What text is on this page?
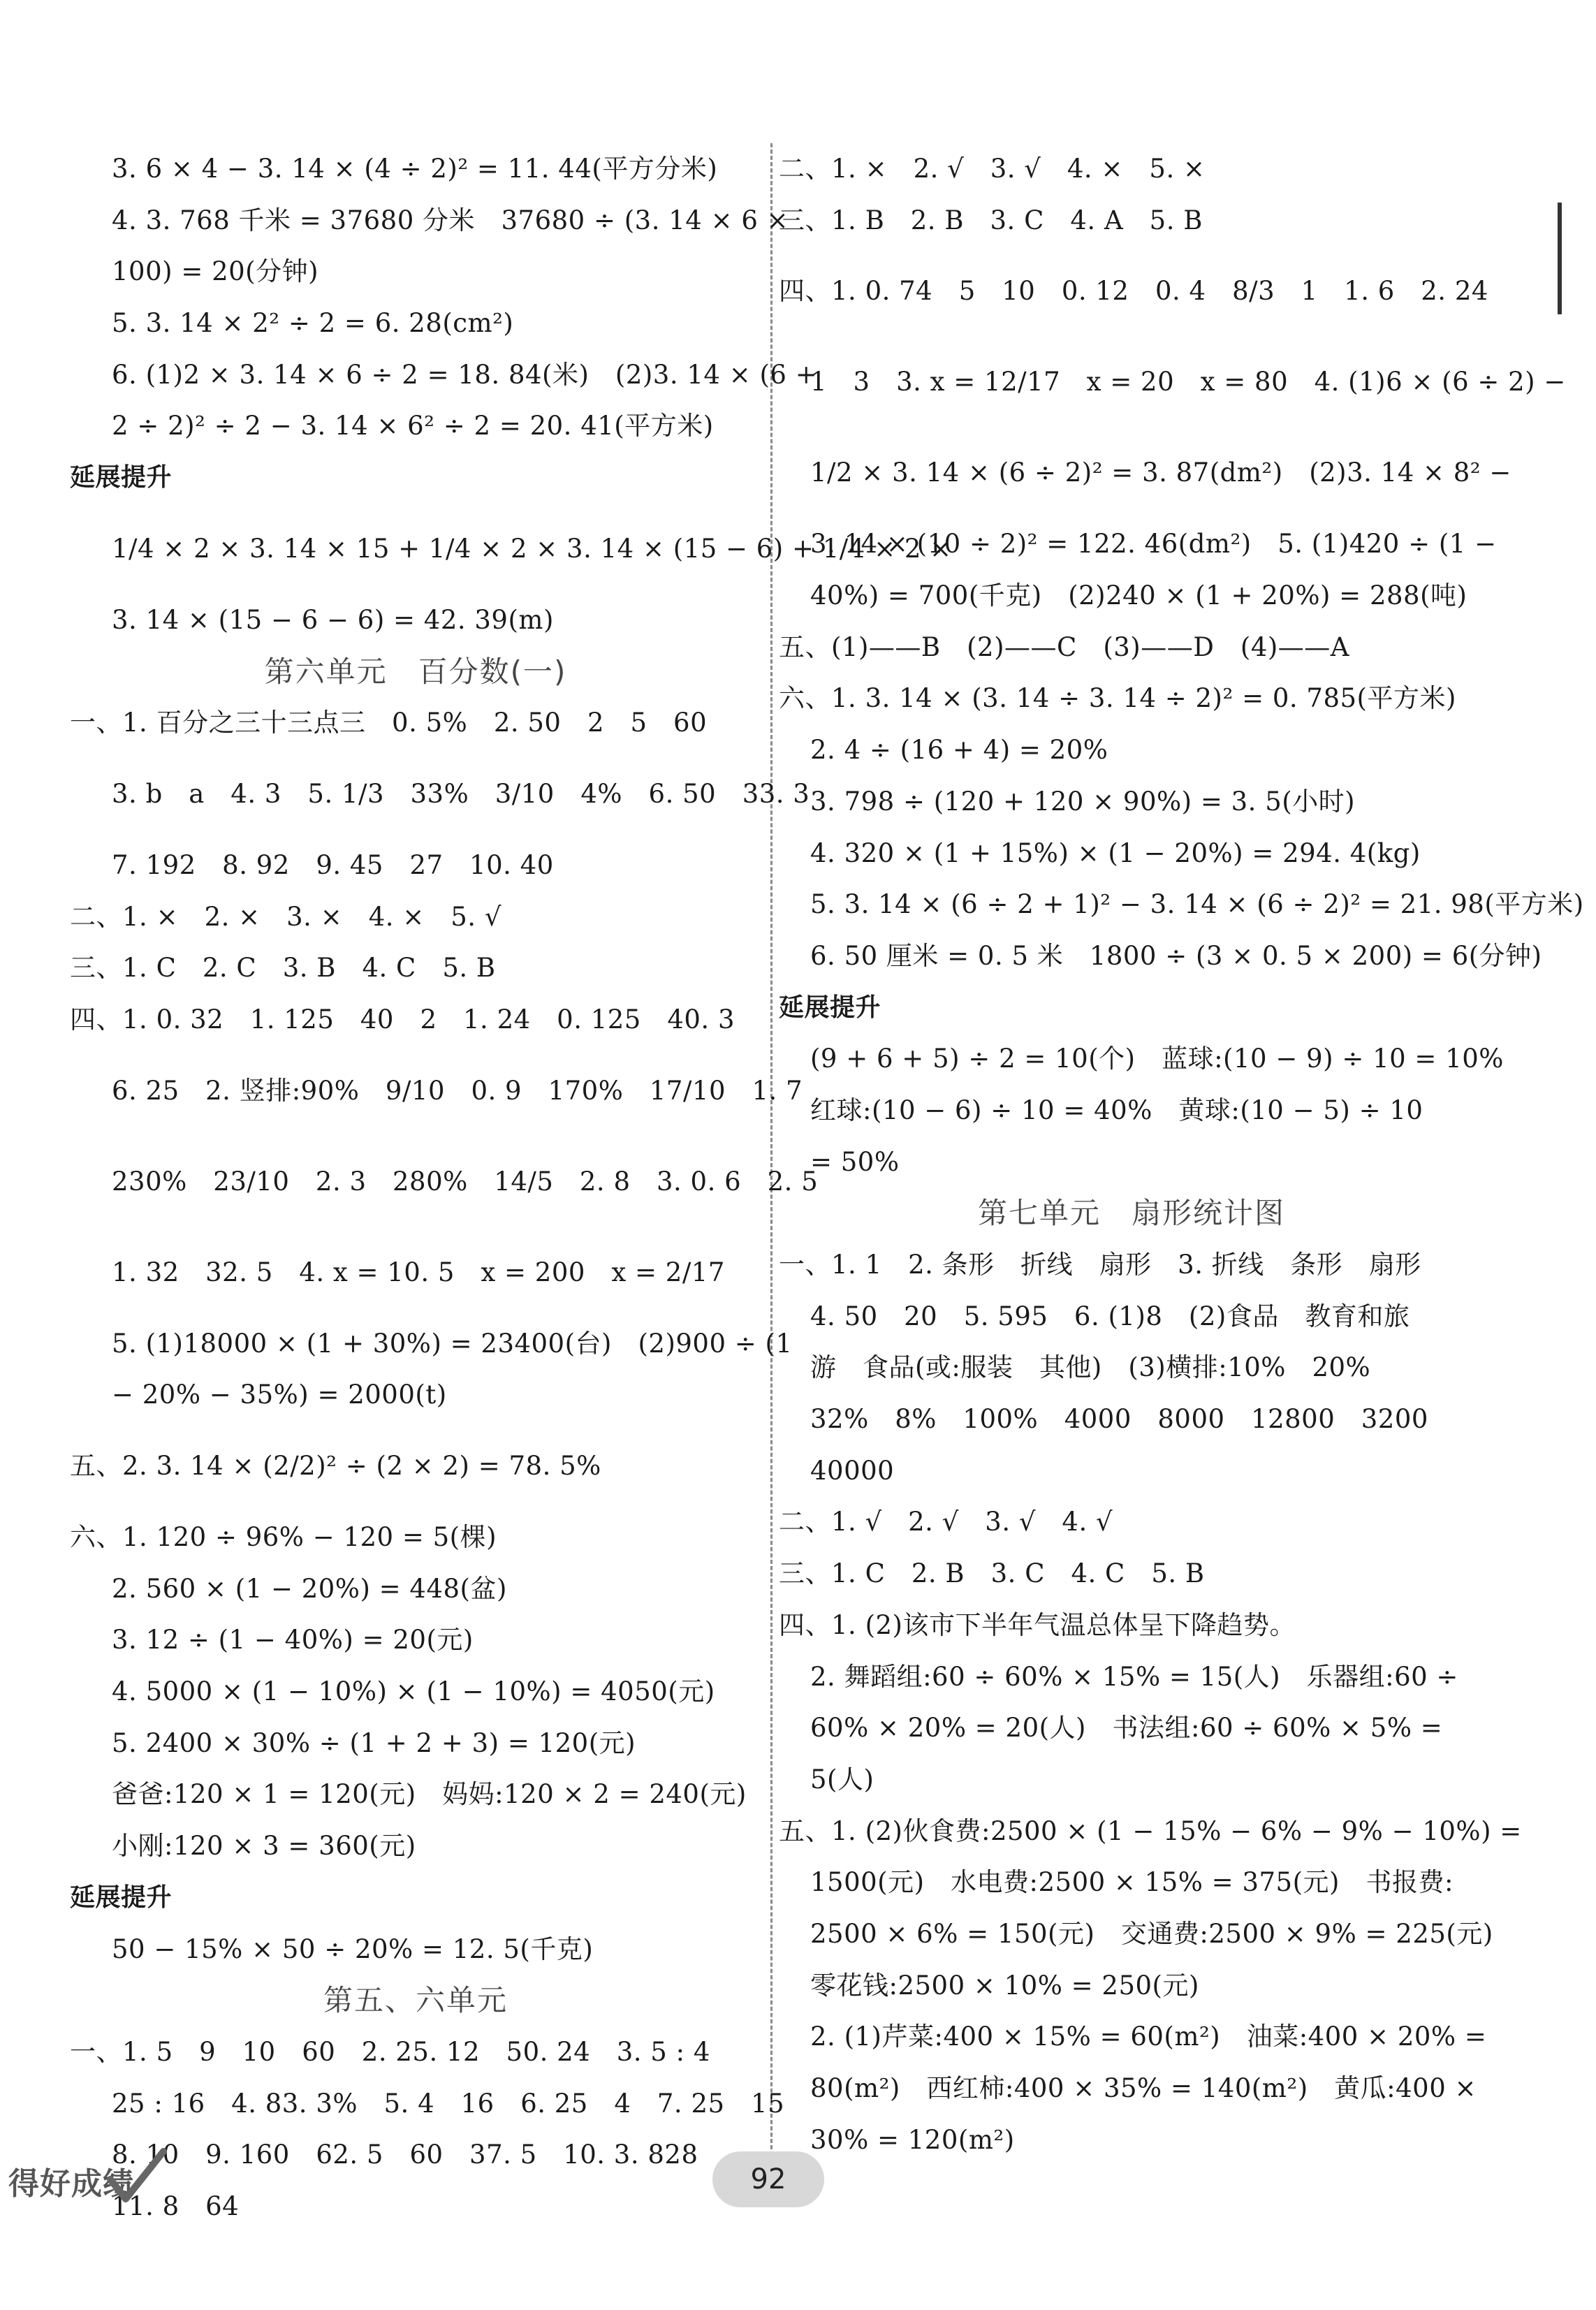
3. 6 × 4 − 3. 14 × (4 ÷ 2)² = 11. 44(平方分米)
4. 3. 768 千米 = 37680 分米　37680 ÷ (3. 14 × 6 ×
100) = 20(分钟)
5. 3. 14 × 2² ÷ 2 = 6. 28(cm²)
6. (1)2 × 3. 14 × 6 ÷ 2 = 18. 84(米)　(2)3. 14 × (6 +
2 ÷ 2)² ÷ 2 − 3. 14 × 6² ÷ 2 = 20. 41(平方米)
延展提升
1/4 × 2 × 3. 14 × 15 + 1/4 × 2 × 3. 14 × (15 − 6) + 1/4 × 2 ×
3. 14 × (15 − 6 − 6) = 42. 39(m)
第六单元　百分数(一)
一、1. 百分之三十三点三　0. 5%　2. 50　2　5　60
3. b　a　4. 3　5. 1/3　33%　3/10　4%　6. 50　33. 3
7. 192　8. 92　9. 45　27　10. 40
二、1. ×　2. ×　3. ×　4. ×　5. √
三、1. C　2. C　3. B　4. C　5. B
四、1. 0. 32　1. 125　40　2　1. 24　0. 125　40. 3
6. 25　2. 竖排:90%　9/10　0. 9　170%　17/10　1. 7
230%　23/10　2. 3　280%　14/5　2. 8　3. 0. 6　2. 5
1. 32　32. 5　4. x = 10. 5　x = 200　x = 2/17
5. (1)18000 × (1 + 30%) = 23400(台)　(2)900 ÷ (1
− 20% − 35%) = 2000(t)
五、2. 3. 14 × (2/2)² ÷ (2 × 2) = 78. 5%
六、1. 120 ÷ 96% − 120 = 5(棵)
2. 560 × (1 − 20%) = 448(盆)
3. 12 ÷ (1 − 40%) = 20(元)
4. 5000 × (1 − 10%) × (1 − 10%) = 4050(元)
5. 2400 × 30% ÷ (1 + 2 + 3) = 120(元)
爸爸:120 × 1 = 120(元)　妈妈:120 × 2 = 240(元)
小刚:120 × 3 = 360(元)
延展提升
50 − 15% × 50 ÷ 20% = 12. 5(千克)
第五、六单元
一、1. 5　9　10　60　2. 25. 12　50. 24　3. 5 : 4
25 : 16　4. 83. 3%　5. 4　16　6. 25　4　7. 25　15
8. 10　9. 160　62. 5　60　37. 5　10. 3. 828
11. 8　64
二、1. ×　2. √　3. √　4. ×　5. ×
三、1. B　2. B　3. C　4. A　5. B
四、1. 0. 74　5　10　0. 12　0. 4　8/3　1　1. 6　2. 24
1　3　3. x = 12/17　x = 20　x = 80　4. (1)6 × (6 ÷ 2) −
1/2 × 3. 14 × (6 ÷ 2)² = 3. 87(dm²)　(2)3. 14 × 8² −
3. 14 × (10 ÷ 2)² = 122. 46(dm²)　5. (1)420 ÷ (1 −
40%) = 700(千克)　(2)240 × (1 + 20%) = 288(吨)
五、(1)——B　(2)——C　(3)——D　(4)——A
六、1. 3. 14 × (3. 14 ÷ 3. 14 ÷ 2)² = 0. 785(平方米)
2. 4 ÷ (16 + 4) = 20%
3. 798 ÷ (120 + 120 × 90%) = 3. 5(小时)
4. 320 × (1 + 15%) × (1 − 20%) = 294. 4(kg)
5. 3. 14 × (6 ÷ 2 + 1)² − 3. 14 × (6 ÷ 2)² = 21. 98(平方米)
6. 50 厘米 = 0. 5 米　1800 ÷ (3 × 0. 5 × 200) = 6(分钟)
延展提升
(9 + 6 + 5) ÷ 2 = 10(个)　蓝球:(10 − 9) ÷ 10 = 10%
红球:(10 − 6) ÷ 10 = 40%　黄球:(10 − 5) ÷ 10
= 50%
第七单元　扇形统计图
一、1. 1　2. 条形　折线　扇形　3. 折线　条形　扇形
4. 50　20　5. 595　6. (1)8　(2)食品　教育和旅
游　食品(或:服装　其他)　(3)横排:10%　20%
32%　8%　100%　4000　8000　12800　3200
40000
二、1. √　2. √　3. √　4. √
三、1. C　2. B　3. C　4. C　5. B
四、1. (2)该市下半年气温总体呈下降趋势。
2. 舞蹈组:60 ÷ 60% × 15% = 15(人)　乐器组:60 ÷
60% × 20% = 20(人)　书法组:60 ÷ 60% × 5% =
5(人)
五、1. (2)伙食费:2500 × (1 − 15% − 6% − 9% − 10%) =
1500(元)　水电费:2500 × 15% = 375(元)　书报费:
2500 × 6% = 150(元)　交通费:2500 × 9% = 225(元)
零花钱:2500 × 10% = 250(元)
2. (1)芹菜:400 × 15% = 60(m²)　油菜:400 × 20% =
80(m²)　西红柿:400 × 35% = 140(m²)　黄瓜:400 ×
30% = 120(m²)
得好成绩	92
